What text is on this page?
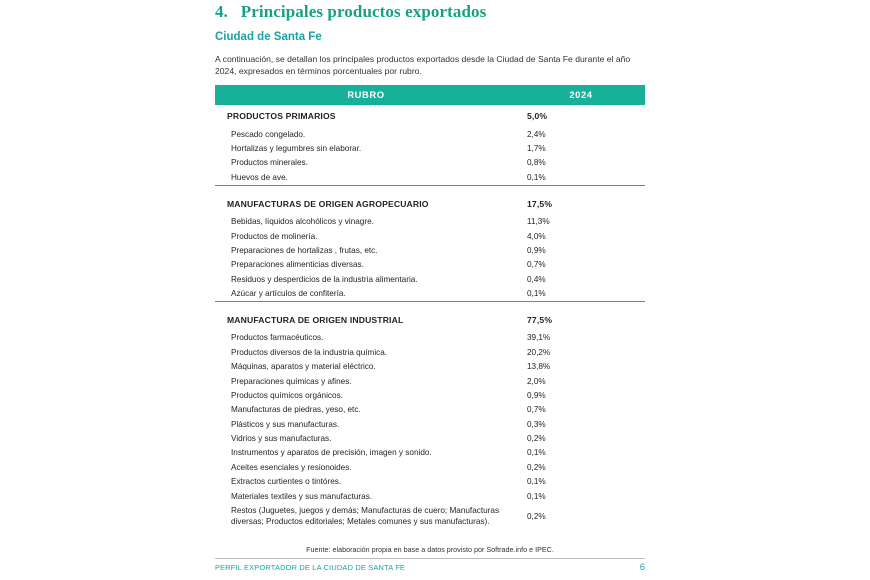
4. Principales productos exportados
Ciudad de Santa Fe
A continuación, se detallan los principales productos exportados desde la Ciudad de Santa Fe durante el año 2024, expresados en términos porcentuales por rubro.
RUBRO	2024
PRODUCTOS PRIMARIOS	5,0%
Pescado congelado.	2,4%
Hortalizas y legumbres sin elaborar.	1,7%
Productos minerales.	0,8%
Huevos de ave.	0,1%

MANUFACTURAS DE ORIGEN AGROPECUARIO	17,5%
Bebidas, líquidos alcohólicos y vinagre.	11,3%
Productos de molinería.	4,0%
Preparaciones de hortalizas , frutas, etc.	0,9%
Preparaciones alimenticias diversas.	0,7%
Residuos y desperdicios de la industria alimentaria.	0,4%
Azúcar y artículos de confitería.	0,1%

MANUFACTURA DE ORIGEN INDUSTRIAL	77,5%
Productos farmacéuticos.	39,1%
Productos diversos de la industria química.	20,2%
Máquinas, aparatos y material eléctrico.	13,8%
Preparaciones químicas y afines.	2,0%
Productos químicos orgánicos.	0,9%
Manufacturas de piedras, yeso, etc.	0,7%
Plásticos y sus manufacturas.	0,3%
Vidrios y sus manufacturas.	0,2%
Instrumentos y aparatos de precisión, imagen y sonido.	0,1%
Aceites esenciales y resionoides.	0,2%
Extractos curtientes o tintóres.	0,1%
Materiales textiles y sus manufacturas.	0,1%
Restos (Juguetes, juegos y demás; Manufacturas de cuero; Manufacturas diversas; Productos editoriales; Metales comunes y sus manufacturas).	0,2%
Fuente: elaboración propia en base a datos provisto por Softrade.info e IPEC.
PERFIL EXPORTADOR DE LA CIUDAD DE SANTA FE	6
